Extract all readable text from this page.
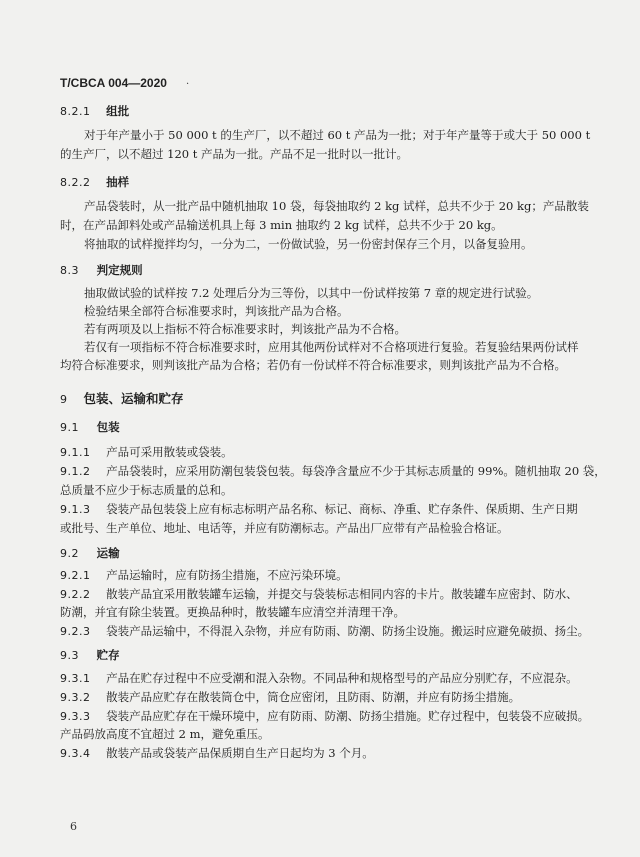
T/CBCA 004—2020 ·
8.2.1 组批
对于年产量小于 50 000 t 的生产厂，以不超过 60 t 产品为一批；对于年产量等于或大于 50 000 t
的生产厂，以不超过 120 t 产品为一批。产品不足一批时以一批计。
8.2.2 抽样
产品袋装时，从一批产品中随机抽取 10 袋，每袋抽取约 2 kg 试样，总共不少于 20 kg；产品散装
时，在产品卸料处或产品输送机具上每 3 min 抽取约 2 kg 试样，总共不少于 20 kg。
将抽取的试样搅拌均匀，一分为二，一份做试验，另一份密封保存三个月，以备复验用。
8.3 判定规则
抽取做试验的试样按 7.2 处理后分为三等份，以其中一份试样按第 7 章的规定进行试验。
检验结果全部符合标准要求时，判该批产品为合格。
若有两项及以上指标不符合标准要求时，判该批产品为不合格。
若仅有一项指标不符合标准要求时，应用其他两份试样对不合格项进行复验。若复验结果两份试样
均符合标准要求，则判该批产品为合格；若仍有一份试样不符合标准要求，则判该批产品为不合格。
9 包装、运输和贮存
9.1 包装
9.1.1 产品可采用散装或袋装。
9.1.2 产品袋装时，应采用防潮包装袋包装。每袋净含量应不少于其标志质量的 99%。随机抽取 20 袋，
总质量不应少于标志质量的总和。
9.1.3 袋装产品包装袋上应有标志标明产品名称、标记、商标、净重、贮存条件、保质期、生产日期
或批号、生产单位、地址、电话等，并应有防潮标志。产品出厂应带有产品检验合格证。
9.2 运输
9.2.1 产品运输时，应有防扬尘措施，不应污染环境。
9.2.2 散装产品宜采用散装罐车运输，并提交与袋装标志相同内容的卡片。散装罐车应密封、防水、
防潮，并宜有除尘装置。更换品种时，散装罐车应清空并清理干净。
9.2.3 袋装产品运输中，不得混入杂物，并应有防雨、防潮、防扬尘设施。搬运时应避免破损、扬尘。
9.3 贮存
9.3.1 产品在贮存过程中不应受潮和混入杂物。不同品种和规格型号的产品应分别贮存，不应混杂。
9.3.2 散装产品应贮存在散装筒仓中，筒仓应密闭，且防雨、防潮，并应有防扬尘措施。
9.3.3 袋装产品应贮存在干燥环境中，应有防雨、防潮、防扬尘措施。贮存过程中，包装袋不应破损。
产品码放高度不宜超过 2 m，避免重压。
9.3.4 散装产品或袋装产品保质期自生产日起均为 3 个月。
6
